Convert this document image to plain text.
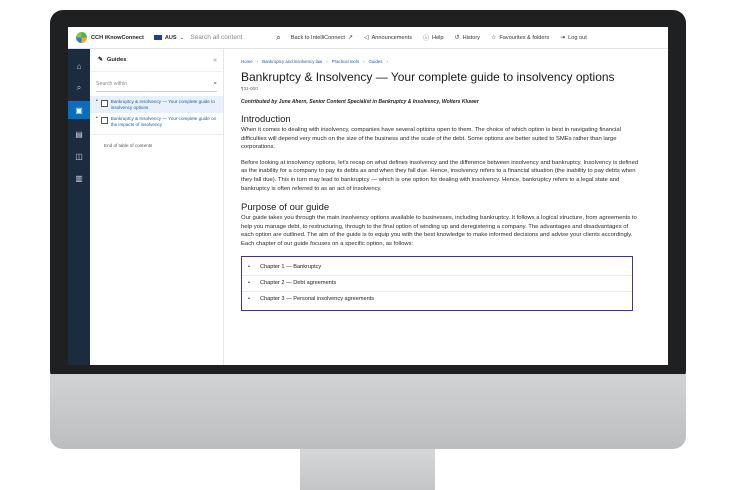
CCH iKnowConnect	AUS ⌄ Search all content	⌕ Back to IntelliConnect ↗ ◁ Announcements ⓘ Help ↺ History ☆ Favourites & folders ⇥ Log out
⌂
⌕
▣
▤
◫
▥
✎ Guides	«
Search within	⌕
•	Bankruptcy & Insolvency — Your complete guide to insolvency options
•	Bankruptcy & Insolvency — Your complete guide on the impacts of insolvency
End of table of contents
Home › Bankruptcy and insolvency law › Practical tools › Guides ›
Bankruptcy & Insolvency — Your complete guide to insolvency options
¶31-000
Contributed by June Ahern, Senior Content Specialist in Bankruptcy & Insolvency, Wolters Kluwer
Introduction

When it comes to dealing with insolvency, companies have several options open to them. The choice of which option is best in navigating financial difficulties will depend very much on the size of the business and the scale of the debt. Some options are better suited to SMEs rather than large corporations.

Before looking at insolvency options, let's recap on what defines insolvency and the difference between insolvency and bankruptcy. Insolvency is defined as the inability for a company to pay its debts as and when they fall due. Hence, insolvency refers to a financial situation (the inability to pay debts when they fall due). This in turn may lead to bankruptcy — which is one option for dealing with insolvency. Hence, bankruptcy refers to a legal state and bankruptcy is often referred to as an act of insolvency.

Purpose of our guide

Our guide takes you through the main insolvency options available to businesses, including bankruptcy. It follows a logical structure, from agreements to help you manage debt, to restructuring, through to the final option of winding up and deregistering a company. The advantages and disadvantages of each option are outlined. The aim of the guide is to equip you with the best knowledge to make informed decisions and advise your clients accordingly. Each chapter of our guide focuses on a specific option, as follows:

• Chapter 1 — Bankruptcy
• Chapter 2 — Debt agreements
• Chapter 3 — Personal insolvency agreements
